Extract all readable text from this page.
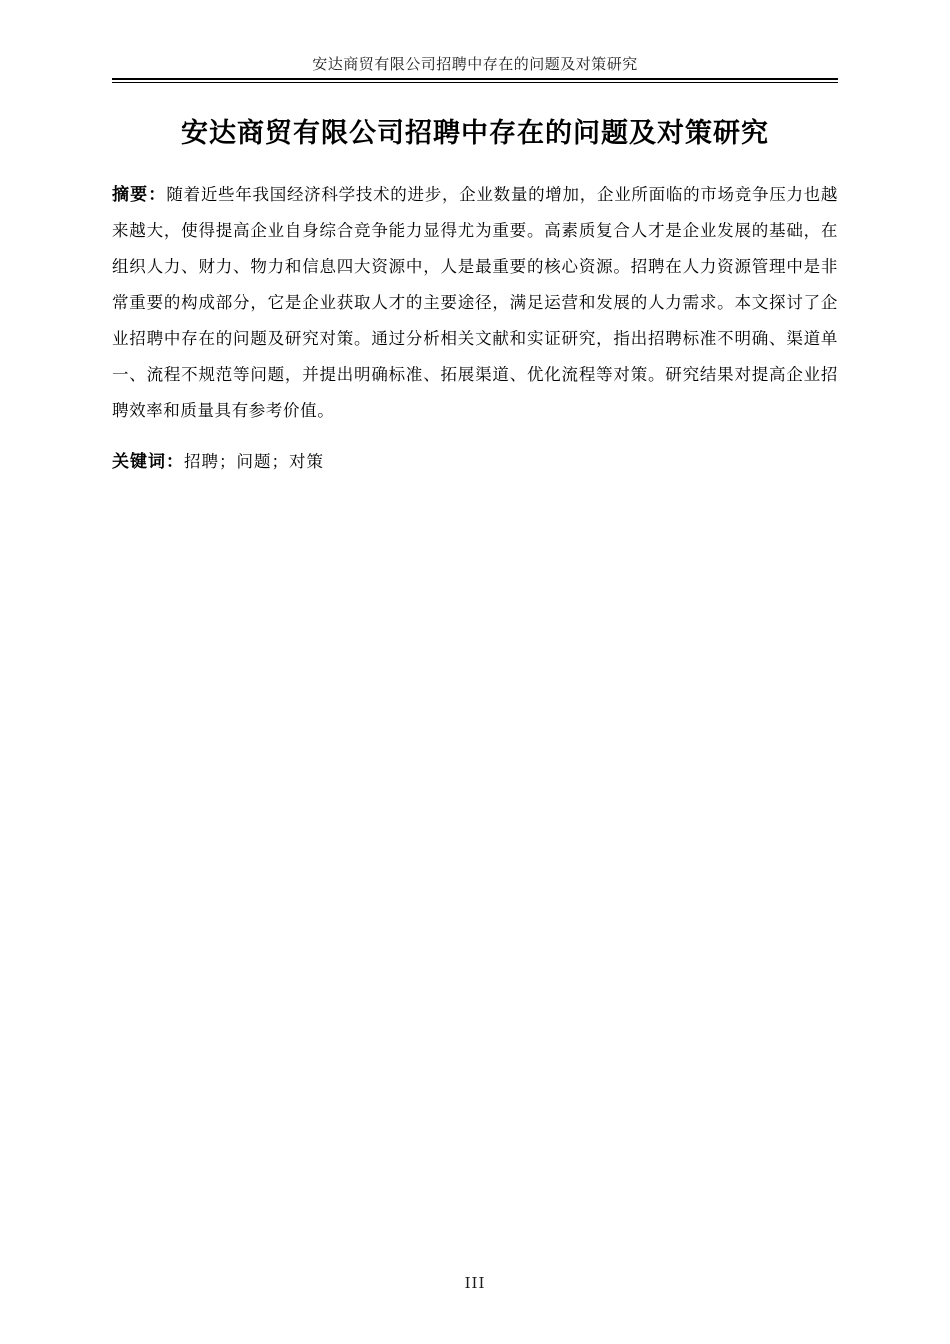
安达商贸有限公司招聘中存在的问题及对策研究
安达商贸有限公司招聘中存在的问题及对策研究

摘要：随着近些年我国经济科学技术的进步，企业数量的增加，企业所面临的市场竞争压力也越来越大，使得提高企业自身综合竞争能力显得尤为重要。高素质复合人才是企业发展的基础，在组织人力、财力、物力和信息四大资源中，人是最重要的核心资源。招聘在人力资源管理中是非常重要的构成部分，它是企业获取人才的主要途径，满足运营和发展的人力需求。本文探讨了企业招聘中存在的问题及研究对策。通过分析相关文献和实证研究，指出招聘标准不明确、渠道单一、流程不规范等问题，并提出明确标准、拓展渠道、优化流程等对策。研究结果对提高企业招聘效率和质量具有参考价值。

关键词：招聘；问题；对策

III
